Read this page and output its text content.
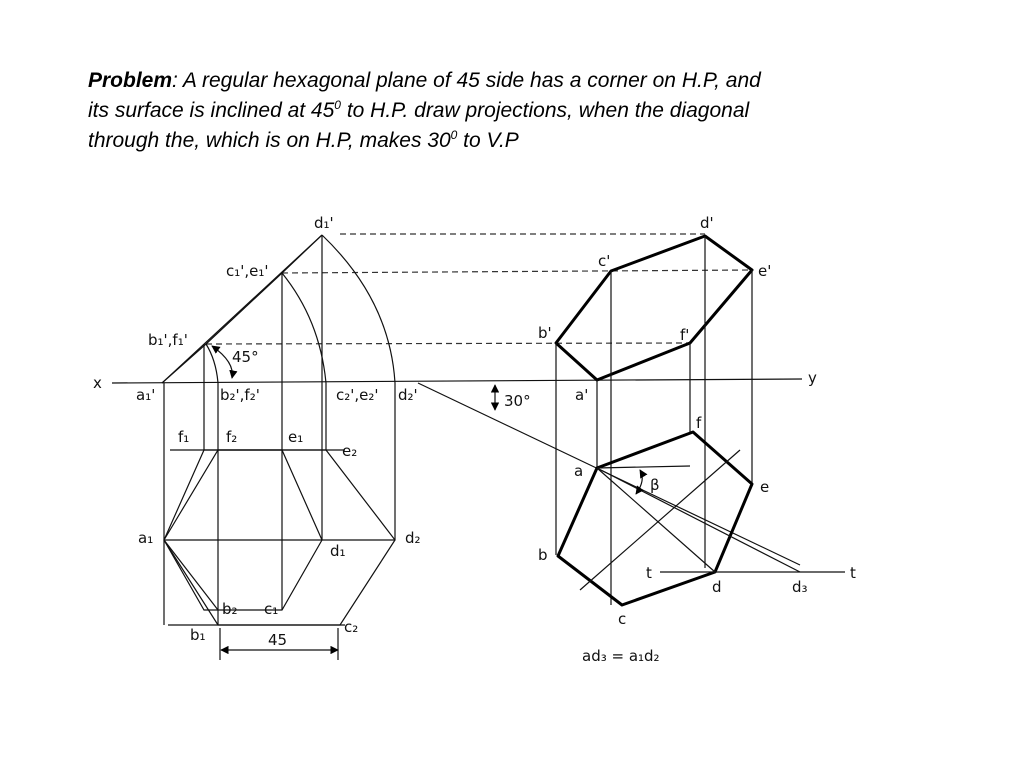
Problem: A regular hexagonal plane of 45 side has a corner on H.P, and
its surface is inclined at $45^0$ to H.P. draw projections, when the diagonal
through the, which is on H.P, makes $30^0$ to V.P
x	y
d₁'
c₁',e₁'
b₁',f₁'
45°
a₁'	b₂',f₂'	c₂',e₂' d₂'
f₁ f₂	e₁
e₂
a₁
d₁
d₂
b₂ c₁
c₂
b₁	45
30°
d'
c'
e'
b'	f'
a'
f
a
β	e
b
t
d	d₃
t
c
ad₃ = a₁d₂
